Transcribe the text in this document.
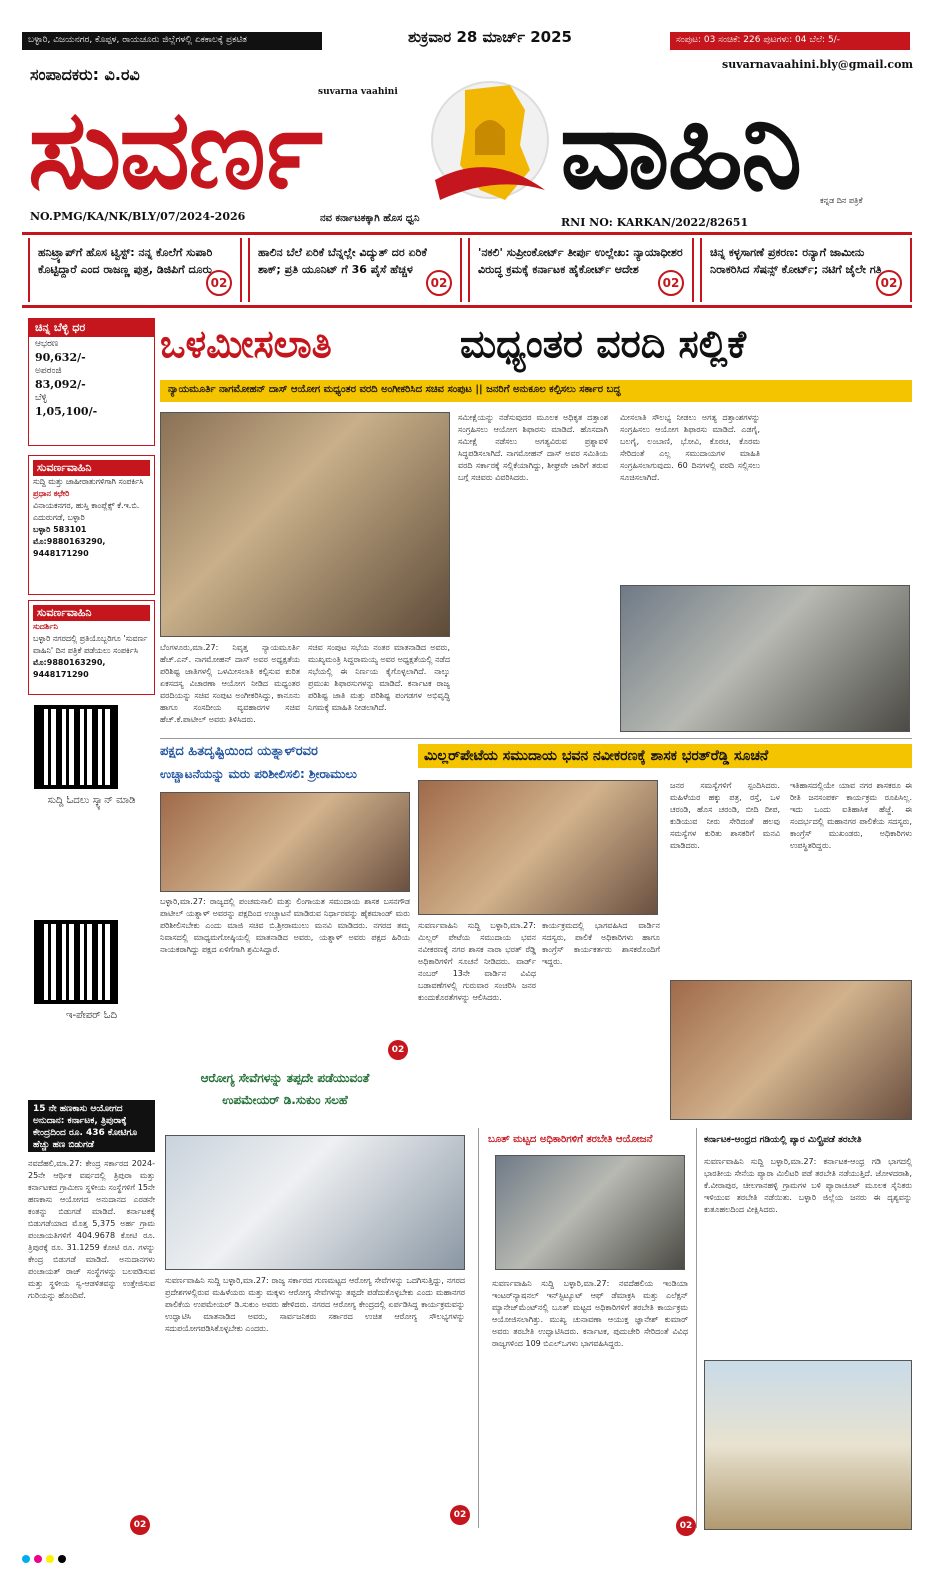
ಬಳ್ಳಾರಿ, ವಿಜಯನಗರ, ಕೊಪ್ಪಳ, ರಾಯಚೂರು ಜಿಲ್ಲೆಗಳಲ್ಲಿ ಏಕಕಾಲಕ್ಕೆ ಪ್ರಕಟಿತ	ಶುಕ್ರವಾರ 28 ಮಾರ್ಚ್ 2025	ಸಂಪುಟ: 03 ಸಂಚಿಕೆ: 226 ಪುಟಗಳು: 04 ಬೆಲೆ: 5/-
suvarnavaahini.bly@gmail.com
ಸಂಪಾದಕರು: ವಿ.ರವಿ
suvarna vaahini
ಸುವರ್ಣ ವಾಹಿನಿ
NO.PMG/KA/NK/BLY/07/2024-2026	ನವ ಕರ್ನಾಟಕಕ್ಕಾಗಿ ಹೊಸ ಧ್ವನಿ	RNI NO: KARKAN/2022/82651
ಕನ್ನಡ ದಿನ ಪತ್ರಿಕೆ
ಹನಿಟ್ರ್ಯಾಪ್‌ಗೆ ಹೊಸ ಟ್ವಿಸ್ಟ್: ನನ್ನ ಕೊಲೆಗೆ ಸುಪಾರಿ ಕೊಟ್ಟಿದ್ದಾರೆ ಎಂದ ರಾಜಣ್ಣ ಪುತ್ರ, ಡಿಜಿಪಿಗೆ ದೂರು
02
ಹಾಲಿನ ಬೆಲೆ ಏರಿಕೆ ಬೆನ್ನಲ್ಲೇ ವಿದ್ಯುತ್ ದರ ಏರಿಕೆ ಶಾಕ್; ಪ್ರತಿ ಯೂನಿಟ್ ಗೆ 36 ಪೈಸೆ ಹೆಚ್ಚಳ
02
'ನಕಲಿ' ಸುಪ್ರೀಂಕೋರ್ಟ್ ತೀರ್ಪು ಉಲ್ಲೇಖ: ನ್ಯಾಯಾಧೀಶರ ವಿರುದ್ಧ ಕ್ರಮಕ್ಕೆ ಕರ್ನಾಟಕ ಹೈಕೋರ್ಟ್ ಆದೇಶ
02
ಚಿನ್ನ ಕಳ್ಳಸಾಗಣೆ ಪ್ರಕರಣ: ರನ್ಯಾಗೆ ಜಾಮೀನು ನಿರಾಕರಿಸಿದ ಸೆಷನ್ಸ್ ಕೋರ್ಟ್; ನಟಿಗೆ ಜೈಲೇ ಗತಿ
02
ಚಿನ್ನ ಬೆಳ್ಳಿ ಧರ
ಆಭರಣ
90,632/-
ಅಪರಂಜಿ
83,092/-
ಬೆಳ್ಳಿ
1,05,100/-
ಸುವರ್ಣವಾಹಿನಿ
ಸುದ್ದಿ ಮತ್ತು ಜಾಹೀರಾತುಗಳಿಗಾಗಿ ಸಂಪರ್ಕಿಸಿ
ಪ್ರಧಾನ ಕಛೇರಿ
ವಿನಾಯಕನಗರ, ಹುಸ್ತಿ ಕಾಂಪ್ಲೆಕ್ಸ್ ಕೆ.ಇ.ಬಿ. ಎದುರುಗಡೆ, ಬಳ್ಳಾರಿ
ಬಳ್ಳಾರಿ 583101
ಮೊ:9880163290, 9448171290
ಸುವರ್ಣವಾಹಿನಿ
ಸುದರ್ಶಿನಿ
ಬಳ್ಳಾರಿ ನಗರದಲ್ಲಿ ಪ್ರತಿಯೊಬ್ಬರಿಗೂ 'ಸುವರ್ಣ ವಾಹಿನಿ' ದಿನ ಪತ್ರಿಕೆ ಪಡೆಯಲು ಸಂಪರ್ಕಿಸಿ
ಮೊ:9880163290, 9448171290
ಸುದ್ದಿ ಓದಲು ಸ್ಕ್ಯಾನ್ ಮಾಡಿ
ಇ-ಪೇಪರ್ ಓದಿ
15 ನೇ ಹಣಕಾಸು ಆಯೋಗದ ಅನುದಾನ: ಕರ್ನಾಟಕ, ತ್ರಿಪುರಾಕ್ಕೆ ಕೇಂದ್ರದಿಂದ ರೂ. 436 ಕೋಟಿಗೂ ಹೆಚ್ಚು ಹಣ ಬಿಡುಗಡೆ
ನವದೆಹಲಿ,ಮಾ.27: ಕೇಂದ್ರ ಸರ್ಕಾರದ 2024-25ನೇ ಆರ್ಥಿಕ ವರ್ಷದಲ್ಲಿ ತ್ರಿಪುರಾ ಮತ್ತು ಕರ್ನಾಟಕದ ಗ್ರಾಮೀಣ ಸ್ಥಳೀಯ ಸಂಸ್ಥೆಗಳಿಗೆ 15ನೇ ಹಣಕಾಸು ಆಯೋಗದ ಅನುದಾನದ ಎರಡನೇ ಕಂತನ್ನು ಬಿಡುಗಡೆ ಮಾಡಿದೆ. ಕರ್ನಾಟಕಕ್ಕೆ ಬಿಡುಗಡೆಯಾದ ಮೊತ್ತ 5,375 ಅರ್ಹ ಗ್ರಾಮ ಪಂಚಾಯತಿಗಳಿಗೆ 404.9678 ಕೋಟಿ ರೂ. ತ್ರಿಪುರಕ್ಕೆ ರೂ. 31.1259 ಕೋಟಿ ರೂ. ಗಳನ್ನು ಕೇಂದ್ರ ಬಿಡುಗಡೆ ಮಾಡಿದೆ. ಅನುದಾನಗಳು ಪಂಚಾಯತ್ ರಾಜ್ ಸಂಸ್ಥೆಗಳನ್ನು ಬಲಪಡಿಸುವ ಮತ್ತು ಸ್ಥಳೀಯ ಸ್ವ-ಆಡಳಿತವನ್ನು ಉತ್ತೇಜಿಸುವ ಗುರಿಯನ್ನು ಹೊಂದಿವೆ.
02
ಒಳಮೀಸಲಾತಿ	ಮಧ್ಯಂತರ ವರದಿ ಸಲ್ಲಿಕೆ
ನ್ಯಾಯಮೂರ್ತಿ ನಾಗಮೋಹನ್ ದಾಸ್ ಆಯೋಗ ಮಧ್ಯಂತರ ವರದಿ ಅಂಗೀಕರಿಸಿದ ಸಚಿವ ಸಂಪುಟ || ಜನರಿಗೆ ಅನುಕೂಲ ಕಲ್ಪಿಸಲು ಸರ್ಕಾರ ಬದ್ಧ
ಬೆಂಗಳೂರು,ಮಾ.27: ನಿವೃತ್ತ ನ್ಯಾಯಮೂರ್ತಿ ಹೆಚ್.ಎನ್. ನಾಗಮೋಹನ್ ದಾಸ್ ಅವರ ಅಧ್ಯಕ್ಷತೆಯ ಪರಿಶಿಷ್ಟ ಜಾತಿಗಳಲ್ಲಿ ಒಳಮೀಸಲಾತಿ ಕಲ್ಪಿಸುವ ಕುರಿತ ಏಕಸದಸ್ಯ ವಿಚಾರಣಾ ಆಯೋಗ ನೀಡಿದ ಮಧ್ಯಂತರ ವರದಿಯನ್ನು ಸಚಿವ ಸಂಪುಟ ಅಂಗೀಕರಿಸಿದ್ದು, ಕಾನೂನು ಹಾಗೂ ಸಂಸದೀಯ ವ್ಯವಹಾರಗಳ ಸಚಿವ ಹೆಚ್.ಕೆ.ಪಾಟೀಲ್ ಅವರು ತಿಳಿಸಿದರು.
ಸಚಿವ ಸಂಪುಟ ಸಭೆಯ ನಂತರ ಮಾತನಾಡಿದ ಅವರು, ಮುಖ್ಯಮಂತ್ರಿ ಸಿದ್ದರಾಮಯ್ಯ ಅವರ ಅಧ್ಯಕ್ಷತೆಯಲ್ಲಿ ನಡೆದ ಸಭೆಯಲ್ಲಿ ಈ ನಿರ್ಣಯ ಕೈಗೊಳ್ಳಲಾಗಿದೆ. ನಾಲ್ಕು ಪ್ರಮುಖ ಶಿಫಾರಸುಗಳನ್ನು ಮಾಡಿದೆ. ಕರ್ನಾಟಕ ರಾಜ್ಯ ಪರಿಶಿಷ್ಟ ಜಾತಿ ಮತ್ತು ಪರಿಶಿಷ್ಟ ಪಂಗಡಗಳ ಅಭಿವೃದ್ಧಿ ನಿಗಮಕ್ಕೆ ಮಾಹಿತಿ ನೀಡಲಾಗಿದೆ.
ಸಮೀಕ್ಷೆಯನ್ನು ನಡೆಸುವುದರ ಮೂಲಕ ಅಧಿಕೃತ ದತ್ತಾಂಶ ಸಂಗ್ರಹಿಸಲು ಆಯೋಗ ಶಿಫಾರಸು ಮಾಡಿದೆ. ಹೊಸದಾಗಿ ಸಮೀಕ್ಷೆ ನಡೆಸಲು ಅಗತ್ಯವಿರುವ ಪ್ರಶ್ನಾವಳಿ ಸಿದ್ಧಪಡಿಸಲಾಗಿದೆ. ನಾಗಮೋಹನ್ ದಾಸ್ ಅವರ ಸಮಿತಿಯ ವರದಿ ಸರ್ಕಾರಕ್ಕೆ ಸಲ್ಲಿಕೆಯಾಗಿದ್ದು, ಶೀಘ್ರವೇ ಜಾರಿಗೆ ತರುವ ಬಗ್ಗೆ ಸಚಿವರು ವಿವರಿಸಿದರು.
ಮೀಸಲಾತಿ ಸೌಲಭ್ಯ ನೀಡಲು ಅಗತ್ಯ ದತ್ತಾಂಶಗಳನ್ನು ಸಂಗ್ರಹಿಸಲು ಆಯೋಗ ಶಿಫಾರಸು ಮಾಡಿದೆ. ಎಡಗೈ, ಬಲಗೈ, ಲಂಬಾಣಿ, ಭೋವಿ, ಕೊರಚ, ಕೊರಮ ಸೇರಿದಂತೆ ಎಲ್ಲ ಸಮುದಾಯಗಳ ಮಾಹಿತಿ ಸಂಗ್ರಹಿಸಲಾಗುವುದು. 60 ದಿನಗಳಲ್ಲಿ ವರದಿ ಸಲ್ಲಿಸಲು ಸೂಚಿಸಲಾಗಿದೆ.
ಪಕ್ಷದ ಹಿತದೃಷ್ಟಿಯಿಂದ ಯತ್ನಾಳ್‌ರವರ
ಉಚ್ಚಾಟನೆಯನ್ನು ಮರು ಪರಿಶೀಲಿಸಲಿ: ಶ್ರೀರಾಮುಲು
ಬಳ್ಳಾರಿ,ಮಾ.27: ರಾಜ್ಯದಲ್ಲಿ ಪಂಚಮಸಾಲಿ ಮತ್ತು ಲಿಂಗಾಯತ ಸಮುದಾಯ ಶಾಸಕ ಬಸನಗೌಡ ಪಾಟೀಲ್ ಯತ್ನಾಳ್ ಅವರನ್ನು ಪಕ್ಷದಿಂದ ಉಚ್ಚಾಟನೆ ಮಾಡಿರುವ ನಿರ್ಧಾರವನ್ನು ಹೈಕಮಾಂಡ್ ಮರು ಪರಿಶೀಲಿಸಬೇಕು ಎಂದು ಮಾಜಿ ಸಚಿವ ಬಿ.ಶ್ರೀರಾಮುಲು ಮನವಿ ಮಾಡಿದರು. ನಗರದ ತಮ್ಮ ನಿವಾಸದಲ್ಲಿ ಮಾಧ್ಯಮಗೋಷ್ಠಿಯಲ್ಲಿ ಮಾತನಾಡಿದ ಅವರು, ಯತ್ನಾಳ್ ಅವರು ಪಕ್ಷದ ಹಿರಿಯ ನಾಯಕರಾಗಿದ್ದು ಪಕ್ಷದ ಏಳಿಗೆಗಾಗಿ ಶ್ರಮಿಸಿದ್ದಾರೆ.
02
ಮಿಲ್ಲರ್‌ಪೇಟೆಯ ಸಮುದಾಯ ಭವನ ನವೀಕರಣಕ್ಕೆ ಶಾಸಕ ಭರತ್‌ರೆಡ್ಡಿ ಸೂಚನೆ
ಜನರ ಸಮಸ್ಯೆಗಳಿಗೆ ಸ್ಪಂದಿಸಿದರು. ಮಹಿಳೆಯರ ಹಕ್ಕು ಪತ್ರ, ರಸ್ತೆ, ಒಳ ಚರಂಡಿ, ಹೊಸ ಚರಂಡಿ, ಬೀದಿ ದೀಪ, ಕುಡಿಯುವ ನೀರು ಸೇರಿದಂತೆ ಹಲವು ಸಮಸ್ಯೆಗಳ ಕುರಿತು ಶಾಸಕರಿಗೆ ಮನವಿ ಮಾಡಿದರು.
ಇತಿಹಾಸದಲ್ಲಿಯೇ ಯಾವ ನಗರ ಶಾಸಕರೂ ಈ ರೀತಿ ಜನಸಂಪರ್ಕ ಕಾರ್ಯಕ್ರಮ ರೂಪಿಸಿಲ್ಲ. ಇದು ಒಂದು ಐತಿಹಾಸಿಕ ಹೆಜ್ಜೆ. ಈ ಸಂದರ್ಭದಲ್ಲಿ ಮಹಾನಗರ ಪಾಲಿಕೆಯ ಸದಸ್ಯರು, ಕಾಂಗ್ರೆಸ್ ಮುಖಂಡರು, ಅಧಿಕಾರಿಗಳು ಉಪಸ್ಥಿತರಿದ್ದರು.
ಸುವರ್ಣವಾಹಿನಿ ಸುದ್ದಿ ಬಳ್ಳಾರಿ,ಮಾ.27: ಮಿಲ್ಲರ್ ಪೇಟೆಯ ಸಮುದಾಯ ಭವನ ನವೀಕರಣಕ್ಕೆ ನಗರ ಶಾಸಕ ನಾರಾ ಭರತ್ ರೆಡ್ಡಿ ಅಧಿಕಾರಿಗಳಿಗೆ ಸೂಚನೆ ನೀಡಿದರು. ವಾರ್ಡ್ ನಂಬರ್ 13ನೇ ವಾರ್ಡಿನ ವಿವಿಧ ಬಡಾವಣೆಗಳಲ್ಲಿ ಗುರುವಾರ ಸಂಚರಿಸಿ ಜನರ ಕುಂದುಕೊರತೆಗಳನ್ನು ಆಲಿಸಿದರು.
ಕಾರ್ಯಕ್ರಮದಲ್ಲಿ ಭಾಗವಹಿಸಿದ ವಾರ್ಡಿನ ಸದಸ್ಯರು, ಪಾಲಿಕೆ ಅಧಿಕಾರಿಗಳು ಹಾಗೂ ಕಾಂಗ್ರೆಸ್ ಕಾರ್ಯಕರ್ತರು ಶಾಸಕರೊಂದಿಗೆ ಇದ್ದರು.
ಆರೋಗ್ಯ ಸೇವೆಗಳನ್ನು ತಪ್ಪದೇ ಪಡೆಯುವಂತೆ
ಉಪಮೇಯರ್ ಡಿ.ಸುಕುಂ ಸಲಹೆ
ಸುವರ್ಣವಾಹಿನಿ ಸುದ್ದಿ ಬಳ್ಳಾರಿ,ಮಾ.27: ರಾಜ್ಯ ಸರ್ಕಾರದ ಗುಣಮಟ್ಟದ ಆರೋಗ್ಯ ಸೇವೆಗಳನ್ನು ಒದಗಿಸುತ್ತಿದ್ದು, ನಗರದ ಪ್ರದೇಶಗಳಲ್ಲಿರುವ ಮಹಿಳೆಯರು ಮತ್ತು ಮಕ್ಕಳು ಆರೋಗ್ಯ ಸೇವೆಗಳನ್ನು ತಪ್ಪದೇ ಪಡೆದುಕೊಳ್ಳಬೇಕು ಎಂದು ಮಹಾನಗರ ಪಾಲಿಕೆಯ ಉಪಮೇಯರ್ ಡಿ.ಸುಕುಂ ಅವರು ಹೇಳಿದರು. ನಗರದ ಆರೋಗ್ಯ ಕೇಂದ್ರದಲ್ಲಿ ಏರ್ಪಡಿಸಿದ್ದ ಕಾರ್ಯಕ್ರಮವನ್ನು ಉದ್ಘಾಟಿಸಿ ಮಾತನಾಡಿದ ಅವರು, ಸಾರ್ವಜನಿಕರು ಸರ್ಕಾರದ ಉಚಿತ ಆರೋಗ್ಯ ಸೌಲಭ್ಯಗಳನ್ನು ಸದುಪಯೋಗಪಡಿಸಿಕೊಳ್ಳಬೇಕು ಎಂದರು.
02
ಬೂತ್ ಮಟ್ಟದ ಅಧಿಕಾರಿಗಳಿಗೆ ತರಬೇತಿ ಆಯೋಜನೆ
ಸುವರ್ಣವಾಹಿನಿ ಸುದ್ದಿ ಬಳ್ಳಾರಿ,ಮಾ.27: ನವದೆಹಲಿಯ ಇಂಡಿಯಾ ಇಂಟರ್‌ನ್ಯಾಷನಲ್ ಇನ್‌ಸ್ಟಿಟ್ಯೂಟ್ ಆಫ್ ಡೆಮಾಕ್ರಸಿ ಮತ್ತು ಎಲೆಕ್ಷನ್ ಮ್ಯಾನೇಜ್‌ಮೆಂಟ್‌ನಲ್ಲಿ ಬೂತ್ ಮಟ್ಟದ ಅಧಿಕಾರಿಗಳಿಗೆ ತರಬೇತಿ ಕಾರ್ಯಕ್ರಮ ಆಯೋಜಿಸಲಾಗಿತ್ತು. ಮುಖ್ಯ ಚುನಾವಣಾ ಆಯುಕ್ತ ಜ್ಞಾನೇಶ್ ಕುಮಾರ್ ಅವರು ತರಬೇತಿ ಉದ್ಘಾಟಿಸಿದರು. ಕರ್ನಾಟಕ, ಪುದುಚೇರಿ ಸೇರಿದಂತೆ ವಿವಿಧ ರಾಜ್ಯಗಳಿಂದ 109 ಬಿಎಲ್‌ಒಗಳು ಭಾಗವಹಿಸಿದ್ದರು.
02
ಕರ್ನಾಟಕ-ಆಂಧ್ರದ ಗಡಿಯಲ್ಲಿ ಪ್ಯಾರ ಮಿಲ್ಟ್ರಿಪಡೆ ತರಬೇತಿ
ಸುವರ್ಣವಾಹಿನಿ ಸುದ್ದಿ ಬಳ್ಳಾರಿ,ಮಾ.27: ಕರ್ನಾಟಕ-ಆಂಧ್ರ ಗಡಿ ಭಾಗದಲ್ಲಿ ಭಾರತೀಯ ಸೇನೆಯ ಪ್ಯಾರಾ ಮಿಲಿಟರಿ ಪಡೆ ತರಬೇತಿ ನಡೆಯುತ್ತಿದೆ. ಜೋಳದರಾಶಿ, ಕೆ.ವೀರಾಪುರ, ಚೀಲಗಾನಹಳ್ಳಿ ಗ್ರಾಮಗಳ ಬಳಿ ಪ್ಯಾರಾಚೂಟ್ ಮೂಲಕ ಸೈನಿಕರು ಇಳಿಯುವ ತರಬೇತಿ ನಡೆಯಿತು. ಬಳ್ಳಾರಿ ಜಿಲ್ಲೆಯ ಜನರು ಈ ದೃಶ್ಯವನ್ನು ಕುತೂಹಲದಿಂದ ವೀಕ್ಷಿಸಿದರು.
